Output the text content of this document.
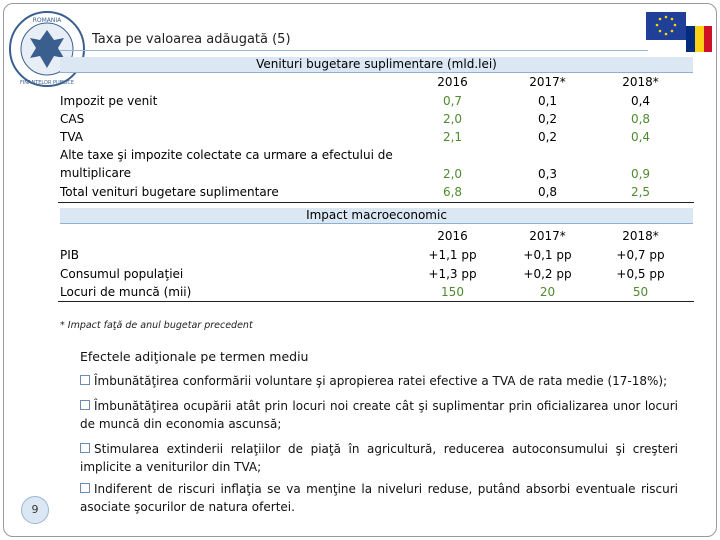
ROMANIA
FINANŢELOR PUBLICE
Taxa pe valoarea adăugată (5)
Venituri bugetare suplimentare (mld.lei)
2016	2017*	2018*
Impozit pe venit	0,7	0,1	0,4
CAS	2,0	0,2	0,8
TVA	2,1	0,2	0,4
Alte taxe şi impozite colectate ca urmare a efectului de multiplicare	2,0	0,3	0,9
Total venituri bugetare suplimentare	6,8	0,8	2,5
Impact macroeconomic
2016	2017*	2018*
PIB	+1,1 pp	+0,1 pp	+0,7 pp
Consumul populaţiei	+1,3 pp	+0,2 pp	+0,5 pp
Locuri de muncă (mii)	150	20	50
* Impact faţă de anul bugetar precedent
Efectele adiţionale pe termen mediu
Îmbunătăţirea conformării voluntare şi apropierea ratei efective a TVA de rata medie (17-18%);
Îmbunătăţirea ocupării atât prin locuri noi create cât şi suplimentar prin oficializarea unor locuri de muncă din economia ascunsă;
Stimularea extinderii relaţiilor de piaţă în agricultură, reducerea autoconsumului şi creşteri implicite a veniturilor din TVA;
Indiferent de riscuri inflaţia se va menţine la niveluri reduse, putând absorbi eventuale riscuri asociate şocurilor de natura ofertei.
9
